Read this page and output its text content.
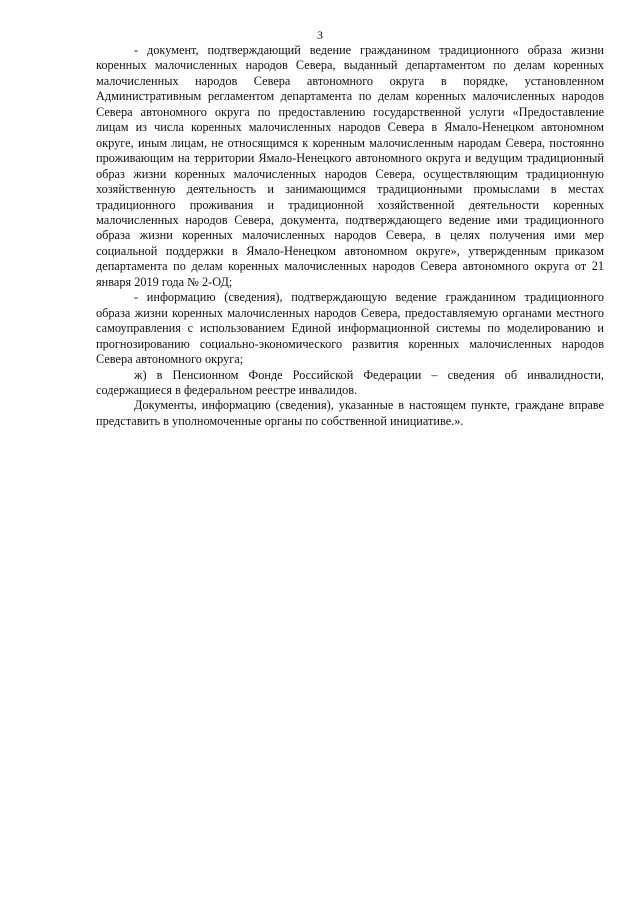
3

- документ, подтверждающий ведение гражданином традиционного образа жизни коренных малочисленных народов Севера, выданный департаментом по делам коренных малочисленных народов Севера автономного округа в порядке, установленном Административным регламентом департамента по делам коренных малочисленных народов Севера автономного округа по предоставлению государственной услуги «Предоставление лицам из числа коренных малочисленных народов Севера в Ямало-Ненецком автономном округе, иным лицам, не относящимся к коренным малочисленным народам Севера, постоянно проживающим на территории Ямало-Ненецкого автономного округа и ведущим традиционный образ жизни коренных малочисленных народов Севера, осуществляющим традиционную хозяйственную деятельность и занимающимся традиционными промыслами в местах традиционного проживания и традиционной хозяйственной деятельности коренных малочисленных народов Севера, документа, подтверждающего ведение ими традиционного образа жизни коренных малочисленных народов Севера, в целях получения ими мер социальной поддержки в Ямало-Ненецком автономном округе», утвержденным приказом департамента по делам коренных малочисленных народов Севера автономного округа от 21 января 2019 года № 2-ОД;

- информацию (сведения), подтверждающую ведение гражданином традиционного образа жизни коренных малочисленных народов Севера, предоставляемую органами местного самоуправления с использованием Единой информационной системы по моделированию и прогнозированию социально-экономического развития коренных малочисленных народов Севера автономного округа;

ж) в Пенсионном Фонде Российской Федерации – сведения об инвалидности, содержащиеся в федеральном реестре инвалидов.

Документы, информацию (сведения), указанные в настоящем пункте, граждане вправе представить в уполномоченные органы по собственной инициативе.».
